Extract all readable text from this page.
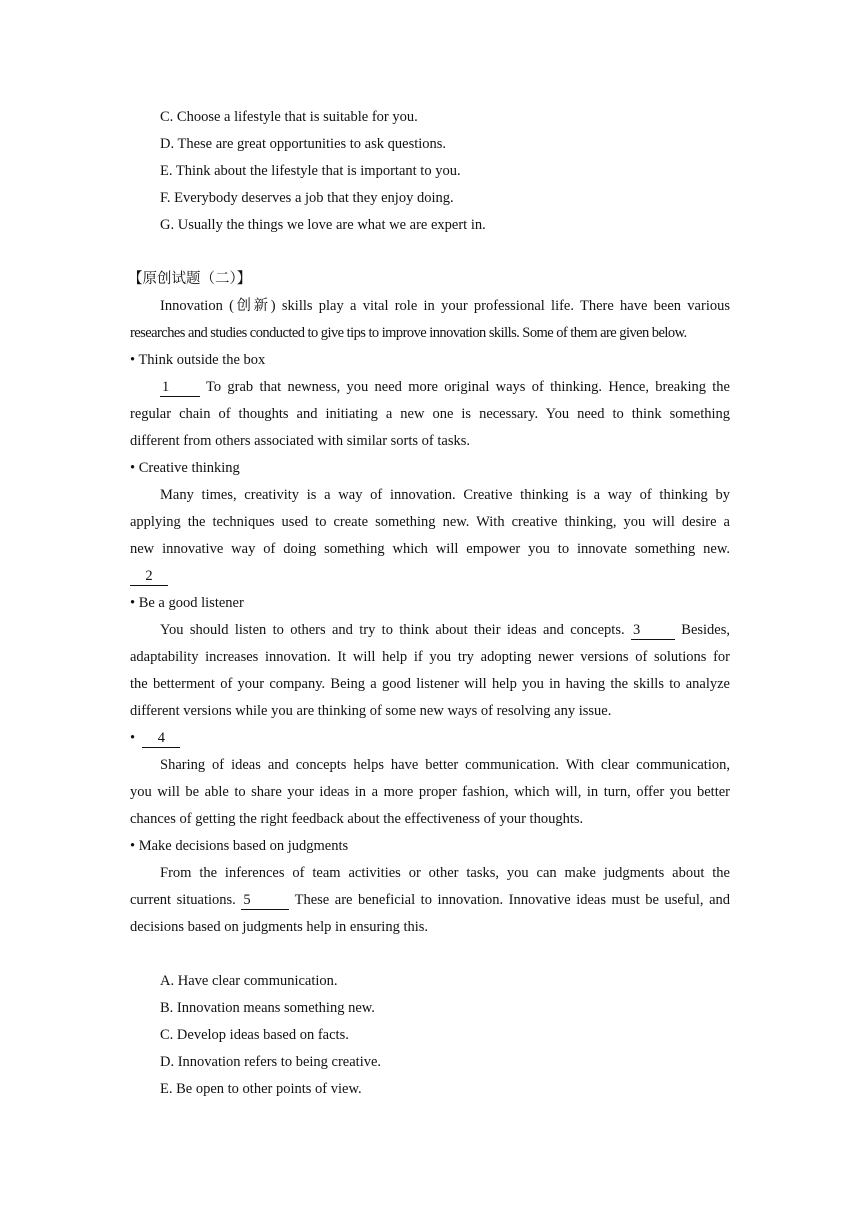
C. Choose a lifestyle that is suitable for you.
D. These are great opportunities to ask questions.
E. Think about the lifestyle that is important to you.
F. Everybody deserves a job that they enjoy doing.
G. Usually the things we love are what we are expert in.
【原创试题（二）】
Innovation (创新) skills play a vital role in your professional life. There have been various
researches and studies conducted to give tips to improve innovation skills. Some of them are given below.
• Think outside the box
1 To grab that newness, you need more original ways of thinking. Hence, breaking the
regular chain of thoughts and initiating a new one is necessary. You need to think something
different from others associated with similar sorts of tasks.
• Creative thinking
Many times, creativity is a way of innovation. Creative thinking is a way of thinking by
applying the techniques used to create something new. With creative thinking, you will desire a
new innovative way of doing something which will empower you to innovate something new.
2
• Be a good listener
You should listen to others and try to think about their ideas and concepts. 3 Besides,
adaptability increases innovation. It will help if you try adopting newer versions of solutions for
the betterment of your company. Being a good listener will help you in having the skills to analyze
different versions while you are thinking of some new ways of resolving any issue.
•  4
Sharing of ideas and concepts helps have better communication. With clear communication,
you will be able to share your ideas in a more proper fashion, which will, in turn, offer you better
chances of getting the right feedback about the effectiveness of your thoughts.
• Make decisions based on judgments
From the inferences of team activities or other tasks, you can make judgments about the
current situations. 5	These are beneficial to innovation. Innovative ideas must be useful, and
decisions based on judgments help in ensuring this.
A. Have clear communication.
B. Innovation means something new.
C. Develop ideas based on facts.
D. Innovation refers to being creative.
E. Be open to other points of view.
